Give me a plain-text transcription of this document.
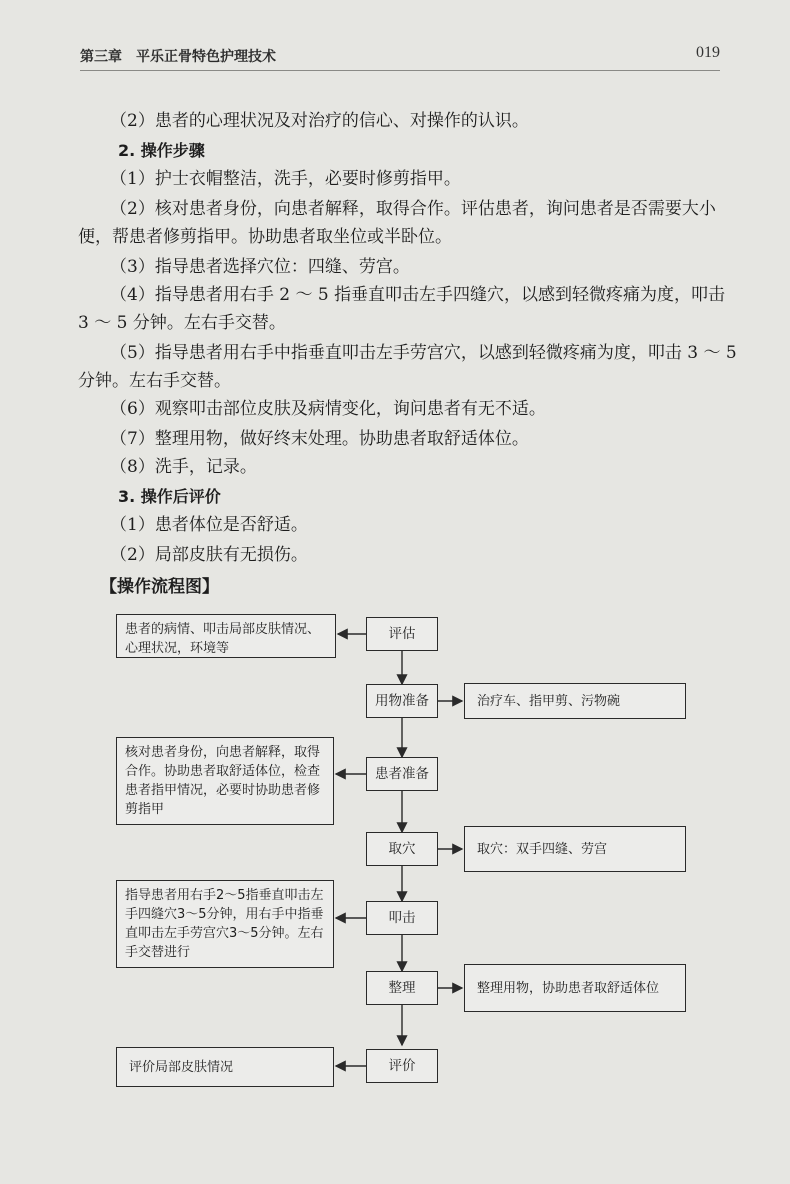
第三章　平乐正骨特色护理技术	019
（2）患者的心理状况及对治疗的信心、对操作的认识。
2. 操作步骤
（1）护士衣帽整洁，洗手，必要时修剪指甲。
（2）核对患者身份，向患者解释，取得合作。评估患者，询问患者是否需要大小
便，帮患者修剪指甲。协助患者取坐位或半卧位。
（3）指导患者选择穴位：四缝、劳宫。
（4）指导患者用右手 2 ～ 5 指垂直叩击左手四缝穴，以感到轻微疼痛为度，叩击
3 ～ 5 分钟。左右手交替。
（5）指导患者用右手中指垂直叩击左手劳宫穴，以感到轻微疼痛为度，叩击 3 ～ 5
分钟。左右手交替。
（6）观察叩击部位皮肤及病情变化，询问患者有无不适。
（7）整理用物，做好终末处理。协助患者取舒适体位。
（8）洗手，记录。
3. 操作后评价
（1）患者体位是否舒适。
（2）局部皮肤有无损伤。
【操作流程图】
评估
用物准备
患者准备
取穴
叩击
整理
评价
患者的病情、叩击局部皮肤情况、
心理状况，环境等
治疗车、指甲剪、污物碗
核对患者身份，向患者解释，取得
合作。协助患者取舒适体位，检查
患者指甲情况，必要时协助患者修
剪指甲
取穴：双手四缝、劳宫
指导患者用右手2～5指垂直叩击左
手四缝穴3～5分钟，用右手中指垂
直叩击左手劳宫穴3～5分钟。左右
手交替进行
整理用物，协助患者取舒适体位
评价局部皮肤情况
